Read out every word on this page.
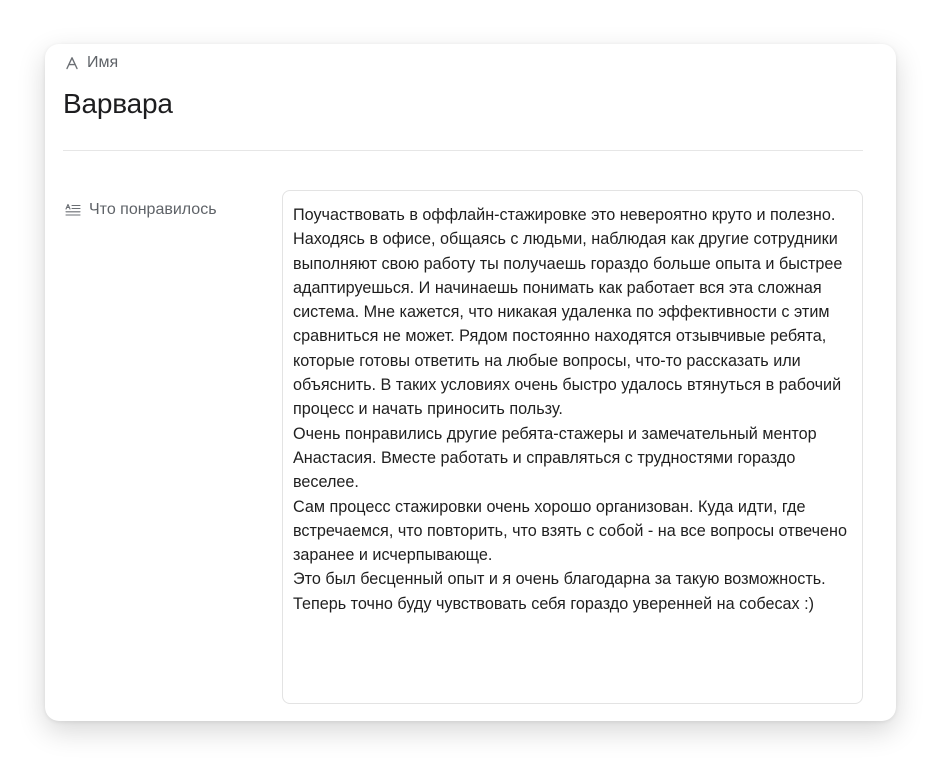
Имя
Варвара
Что понравилось	Поучаствовать в оффлайн-стажировке это невероятно круто и полезно. Находясь в офисе, общаясь с людьми, наблюдая как другие сотрудники выполняют свою работу ты получаешь гораздо больше опыта и быстрее адаптируешься. И начинаешь понимать как работает вся эта сложная система. Мне кажется, что никакая удаленка по эффективности с этим сравниться не может. Рядом постоянно находятся отзывчивые ребята, которые готовы ответить на любые вопросы, что-то рассказать или объяснить. В таких условиях очень быстро удалось втянуться в рабочий процесс и начать приносить пользу.

Очень понравились другие ребята-стажеры и замечательный ментор Анастасия. Вместе работать и справляться с трудностями гораздо веселее.

Сам процесс стажировки очень хорошо организован. Куда идти, где встречаемся, что повторить, что взять с собой - на все вопросы отвечено заранее и исчерпывающе.

Это был бесценный опыт и я очень благодарна за такую возможность. Теперь точно буду чувствовать себя гораздо уверенней на собесах :)
